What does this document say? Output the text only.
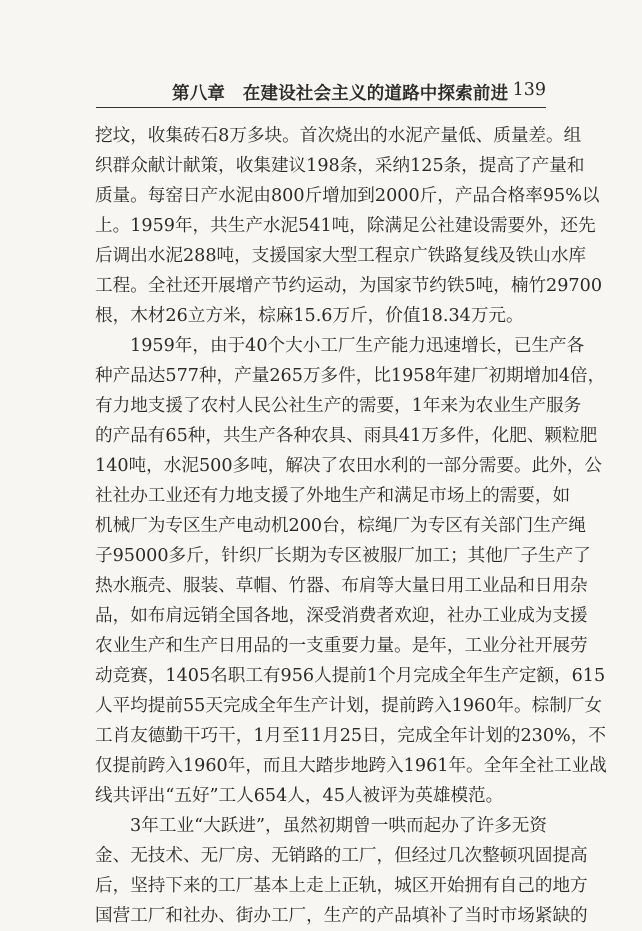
第八章　在建设社会主义的道路中探索前进 139
挖坟，收集砖石8万多块。首次烧出的水泥产量低、质量差。组
织群众献计献策，收集建议198条，采纳125条，提高了产量和
质量。每窑日产水泥由800斤增加到2000斤，产品合格率95%以
上。1959年，共生产水泥541吨，除满足公社建设需要外，还先
后调出水泥288吨，支援国家大型工程京广铁路复线及铁山水库
工程。全社还开展增产节约运动，为国家节约铁5吨，楠竹29700
根，木材26立方米，棕麻15.6万斤，价值18.34万元。
1959年，由于40个大小工厂生产能力迅速增长，已生产各
种产品达577种，产量265万多件，比1958年建厂初期增加4倍，
有力地支援了农村人民公社生产的需要，1年来为农业生产服务
的产品有65种，共生产各种农具、雨具41万多件，化肥、颗粒肥
140吨，水泥500多吨，解决了农田水利的一部分需要。此外，公
社社办工业还有力地支援了外地生产和满足市场上的需要，如
机械厂为专区生产电动机200台，棕绳厂为专区有关部门生产绳
子95000多斤，针织厂长期为专区被服厂加工；其他厂子生产了
热水瓶壳、服装、草帽、竹器、布肩等大量日用工业品和日用杂
品，如布肩远销全国各地，深受消费者欢迎，社办工业成为支援
农业生产和生产日用品的一支重要力量。是年，工业分社开展劳
动竞赛，1405名职工有956人提前1个月完成全年生产定额，615
人平均提前55天完成全年生产计划，提前跨入1960年。棕制厂女
工肖友德勤干巧干，1月至11月25日，完成全年计划的230%，不
仅提前跨入1960年，而且大踏步地跨入1961年。全年全社工业战
线共评出“五好”工人654人，45人被评为英雄模范。
3年工业“大跃进”，虽然初期曾一哄而起办了许多无资
金、无技术、无厂房、无销路的工厂，但经过几次整顿巩固提高
后，坚持下来的工厂基本上走上正轨，城区开始拥有自己的地方
国营工厂和社办、街办工厂，生产的产品填补了当时市场紧缺的
